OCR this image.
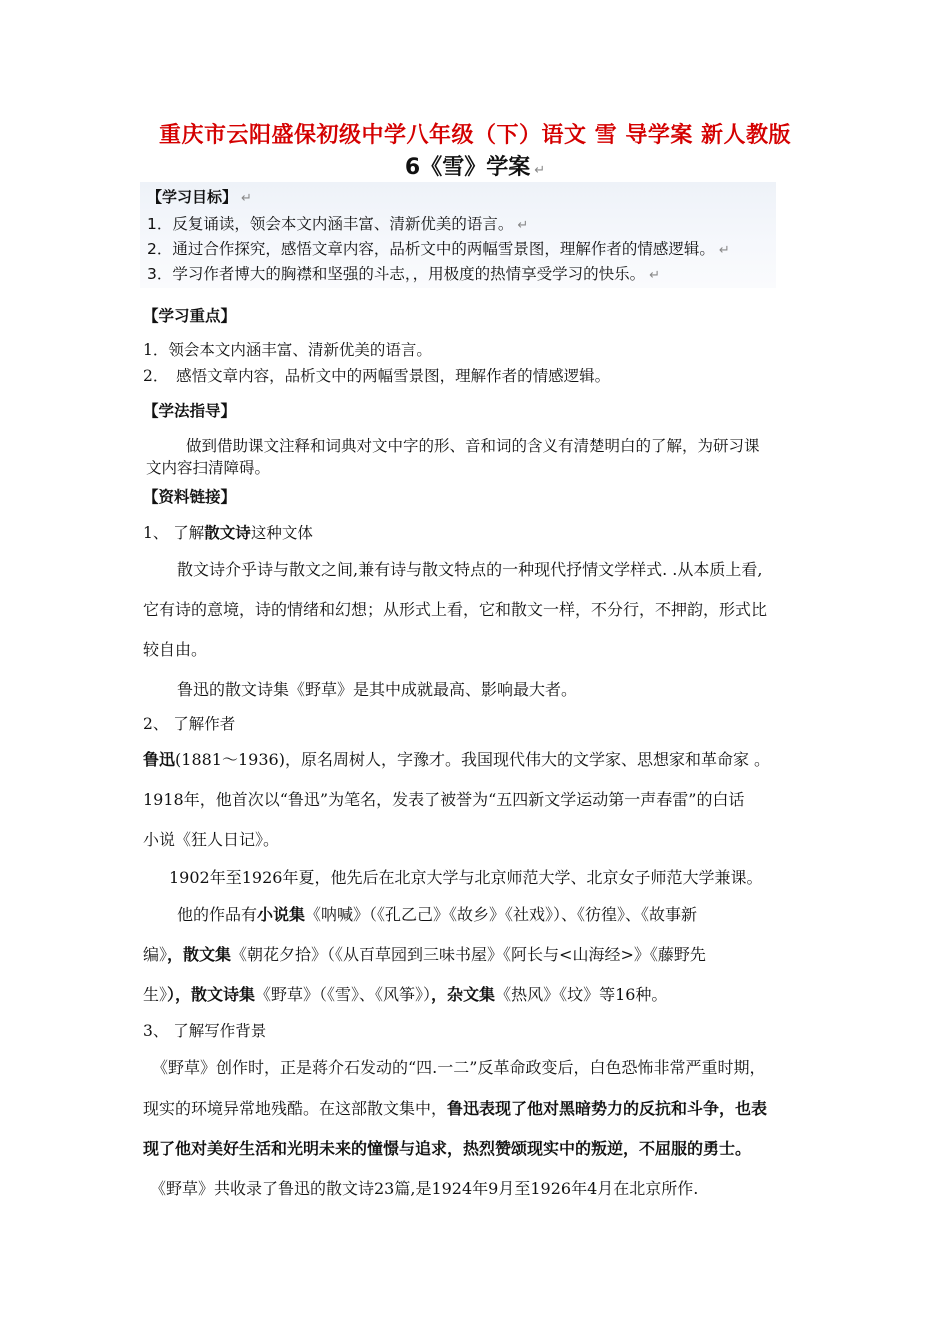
重庆市云阳盛保初级中学八年级（下）语文 雪 导学案 新人教版
6《雪》学案 ↵
【学习目标】 ↵
1．反复诵读，领会本文内涵丰富、清新优美的语言。 ↵
2．通过合作探究，感悟文章内容，品析文中的两幅雪景图，理解作者的情感逻辑。 ↵
3．学习作者博大的胸襟和坚强的斗志，，用极度的热情享受学习的快乐。 ↵
【学习重点】
1．领会本文内涵丰富、清新优美的语言。
2．　感悟文章内容，品析文中的两幅雪景图，理解作者的情感逻辑。
【学法指导】
做到借助课文注释和词典对文中字的形、音和词的含义有清楚明白的了解，为研习课
文内容扫清障碍。
【资料链接】
1、 了解散文诗这种文体
散文诗介乎诗与散文之间,兼有诗与散文特点的一种现代抒情文学样式. .从本质上看,
它有诗的意境，诗的情绪和幻想；从形式上看，它和散文一样，不分行，不押韵，形式比
较自由。
鲁迅的散文诗集《野草》是其中成就最高、影响最大者。
2、 了解作者
鲁迅(1881～1936)，原名周树人，字豫才。我国现代伟大的文学家、思想家和革命家 。
1918年，他首次以“鲁迅”为笔名，发表了被誉为“五四新文学运动第一声春雷”的白话
小说《狂人日记》。
1902年至1926年夏，他先后在北京大学与北京师范大学、北京女子师范大学兼课。
他的作品有小说集《呐喊》（《孔乙己》《故乡》《社戏》）、《彷徨》、《故事新
编》，散文集《朝花夕拾》（《从百草园到三味书屋》《阿长与<山海经>》《藤野先
生》），散文诗集《野草》（《雪》、《风筝》），杂文集《热风》《坟》等16种。
3、 了解写作背景
《野草》创作时，正是蒋介石发动的“四.一二”反革命政变后，白色恐怖非常严重时期，
现实的环境异常地残酷。在这部散文集中，鲁迅表现了他对黑暗势力的反抗和斗争，也表
现了他对美好生活和光明未来的憧憬与追求，热烈赞颂现实中的叛逆，不屈服的勇士。
《野草》共收录了鲁迅的散文诗23篇,是1924年9月至1926年4月在北京所作.
